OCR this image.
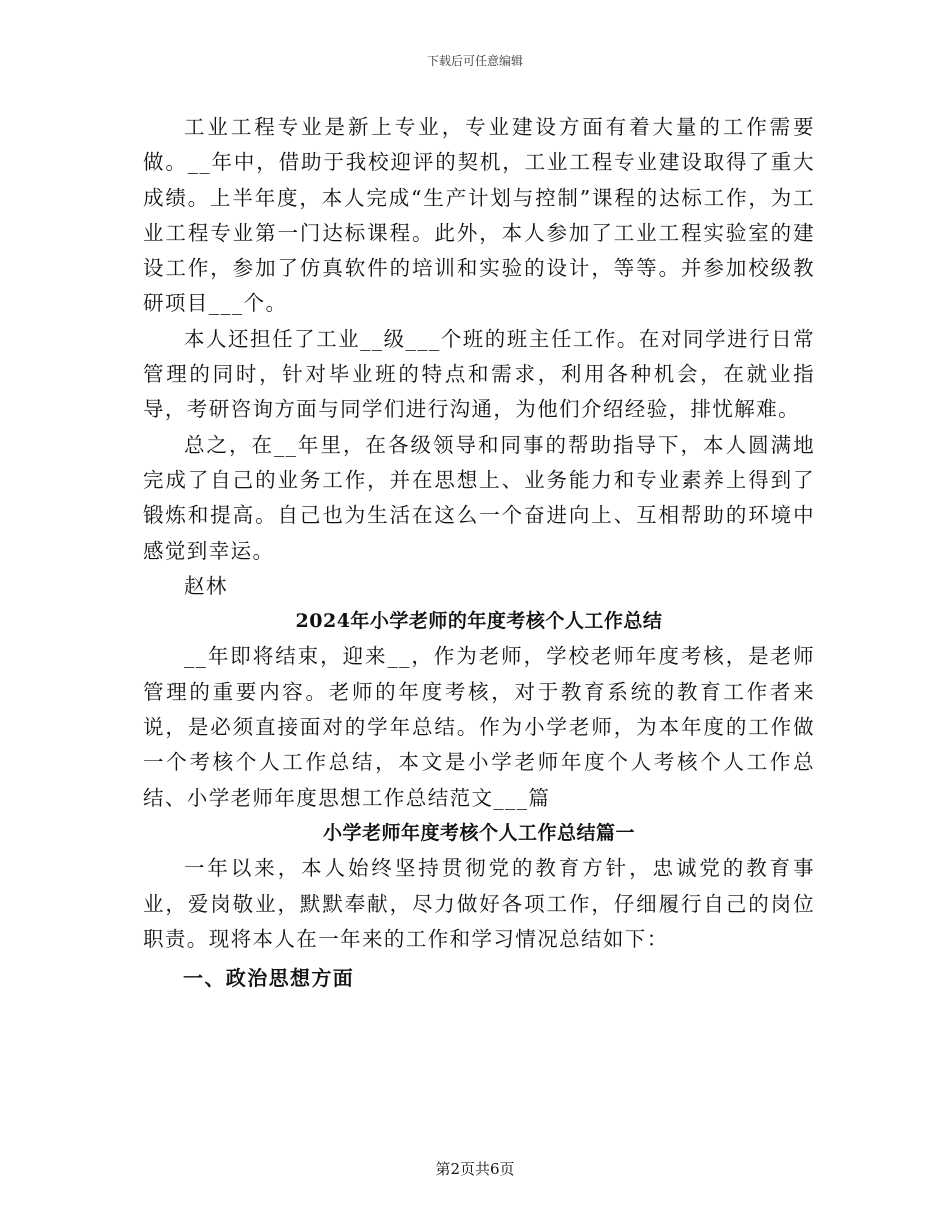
下载后可任意编辑

工业工程专业是新上专业，专业建设方面有着大量的工作需要做。__年中，借助于我校迎评的契机，工业工程专业建设取得了重大成绩。上半年度，本人完成“生产计划与控制”课程的达标工作，为工业工程专业第一门达标课程。此外，本人参加了工业工程实验室的建设工作，参加了仿真软件的培训和实验的设计，等等。并参加校级教研项目___个。

本人还担任了工业__级___个班的班主任工作。在对同学进行日常管理的同时，针对毕业班的特点和需求，利用各种机会，在就业指导，考研咨询方面与同学们进行沟通，为他们介绍经验，排忧解难。

总之，在__年里，在各级领导和同事的帮助指导下，本人圆满地完成了自己的业务工作，并在思想上、业务能力和专业素养上得到了锻炼和提高。自己也为生活在这么一个奋进向上、互相帮助的环境中感觉到幸运。

赵林

2024年小学老师的年度考核个人工作总结

__年即将结束，迎来__，作为老师，学校老师年度考核，是老师管理的重要内容。老师的年度考核，对于教育系统的教育工作者来说，是必须直接面对的学年总结。作为小学老师，为本年度的工作做一个考核个人工作总结，本文是小学老师年度个人考核个人工作总结、小学老师年度思想工作总结范文___篇

小学老师年度考核个人工作总结篇一

一年以来，本人始终坚持贯彻党的教育方针，忠诚党的教育事业，爱岗敬业，默默奉献，尽力做好各项工作，仔细履行自己的岗位职责。现将本人在一年来的工作和学习情况总结如下：

一、政治思想方面

第2页共6页
